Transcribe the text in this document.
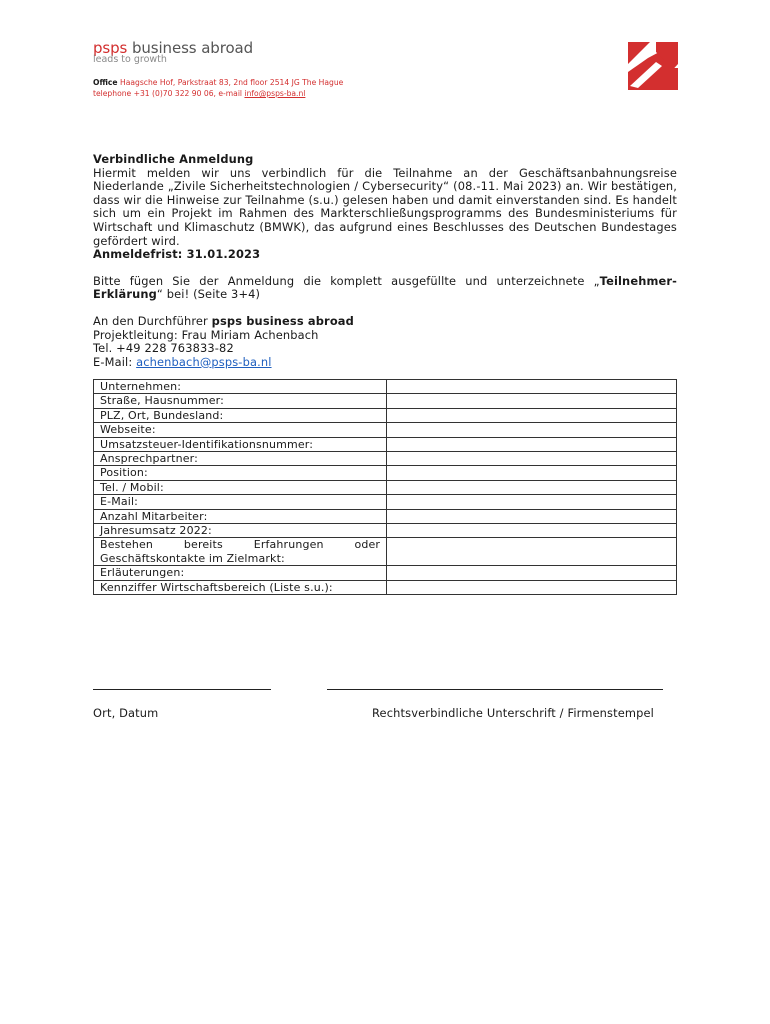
psps business abroad
leads to growth
Office Haagsche Hof, Parkstraat 83, 2nd floor 2514 JG The Hague
telephone +31 (0)70 322 90 06, e-mail info@psps-ba.nl

Verbindliche Anmeldung

Hiermit melden wir uns verbindlich für die Teilnahme an der Geschäftsanbahnungsreise Niederlande „Zivile Sicherheitstechnologien / Cybersecurity“ (08.-11. Mai 2023) an. Wir bestätigen, dass wir die Hinweise zur Teilnahme (s.u.) gelesen haben und damit einverstanden sind. Es handelt sich um ein Projekt im Rahmen des Markterschließungsprogramms des Bundesministeriums für Wirtschaft und Klimaschutz (BMWK), das aufgrund eines Beschlusses des Deutschen Bundestages gefördert wird.

Anmeldefrist: 31.01.2023

Bitte fügen Sie der Anmeldung die komplett ausgefüllte und unterzeichnete „Teilnehmer-Erklärung“ bei! (Seite 3+4)

An den Durchführer psps business abroad

Projektleitung: Frau Miriam Achenbach

Tel. +49 228 763833-82

E-Mail: achenbach@psps-ba.nl

Unternehmen:	
Straße, Hausnummer:	
PLZ, Ort, Bundesland:	
Webseite:	
Umsatzsteuer-Identifikationsnummer:	
Ansprechpartner:	
Position:	
Tel. / Mobil:	
E-Mail:	
Anzahl Mitarbeiter:	
Jahresumsatz 2022:	

Bestehen bereits Erfahrungen oder
Geschäftskontakte im Zielmarkt:	

Erläuterungen:	
Kennziffer Wirtschaftsbereich (Liste s.u.):	
Ort, Datum	Rechtsverbindliche Unterschrift / Firmenstempel
